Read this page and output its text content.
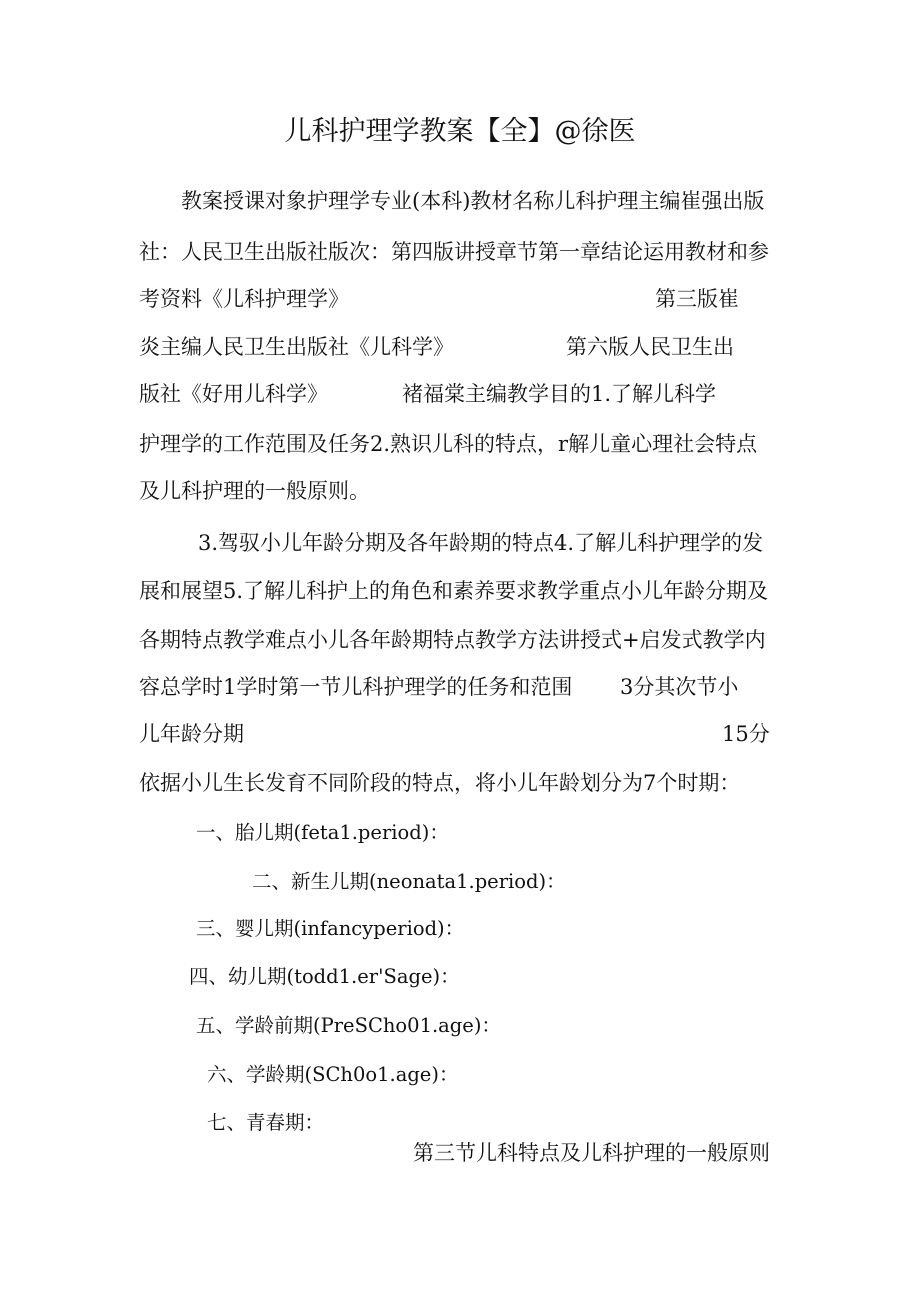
儿科护理学教案【全】@徐医
教案授课对象护理学专业(本科)教材名称儿科护理主编崔强出版
社：人民卫生出版社版次：第四版讲授章节第一章结论运用教材和参
考资料《儿科护理学》	第三版崔
炎主编人民卫生出版社《儿科学》	第六版人民卫生出
版社《好用儿科学》	褚福棠主编教学目的1.了解儿科学
护理学的工作范围及任务2.熟识儿科的特点，r解儿童心理社会特点
及儿科护理的一般原则。
3.驾驭小儿年龄分期及各年龄期的特点4.了解儿科护理学的发
展和展望5.了解儿科护上的角色和素养要求教学重点小儿年龄分期及
各期特点教学难点小儿各年龄期特点教学方法讲授式+启发式教学内
容总学时1学时第一节儿科护理学的任务和范围 3分其次节小
儿年龄分期	15分
依据小儿生长发育不同阶段的特点，将小儿年龄划分为7个时期：
一、胎儿期(feta1.period)：
二、新生儿期(neonata1.period)：
三、婴儿期(infancyperiod)：
四、幼儿期(todd1.er'Sage)：
五、学龄前期(PreSCho01.age)：
六、学龄期(SCh0o1.age)：
七、青春期：
第三节儿科特点及儿科护理的一般原则
